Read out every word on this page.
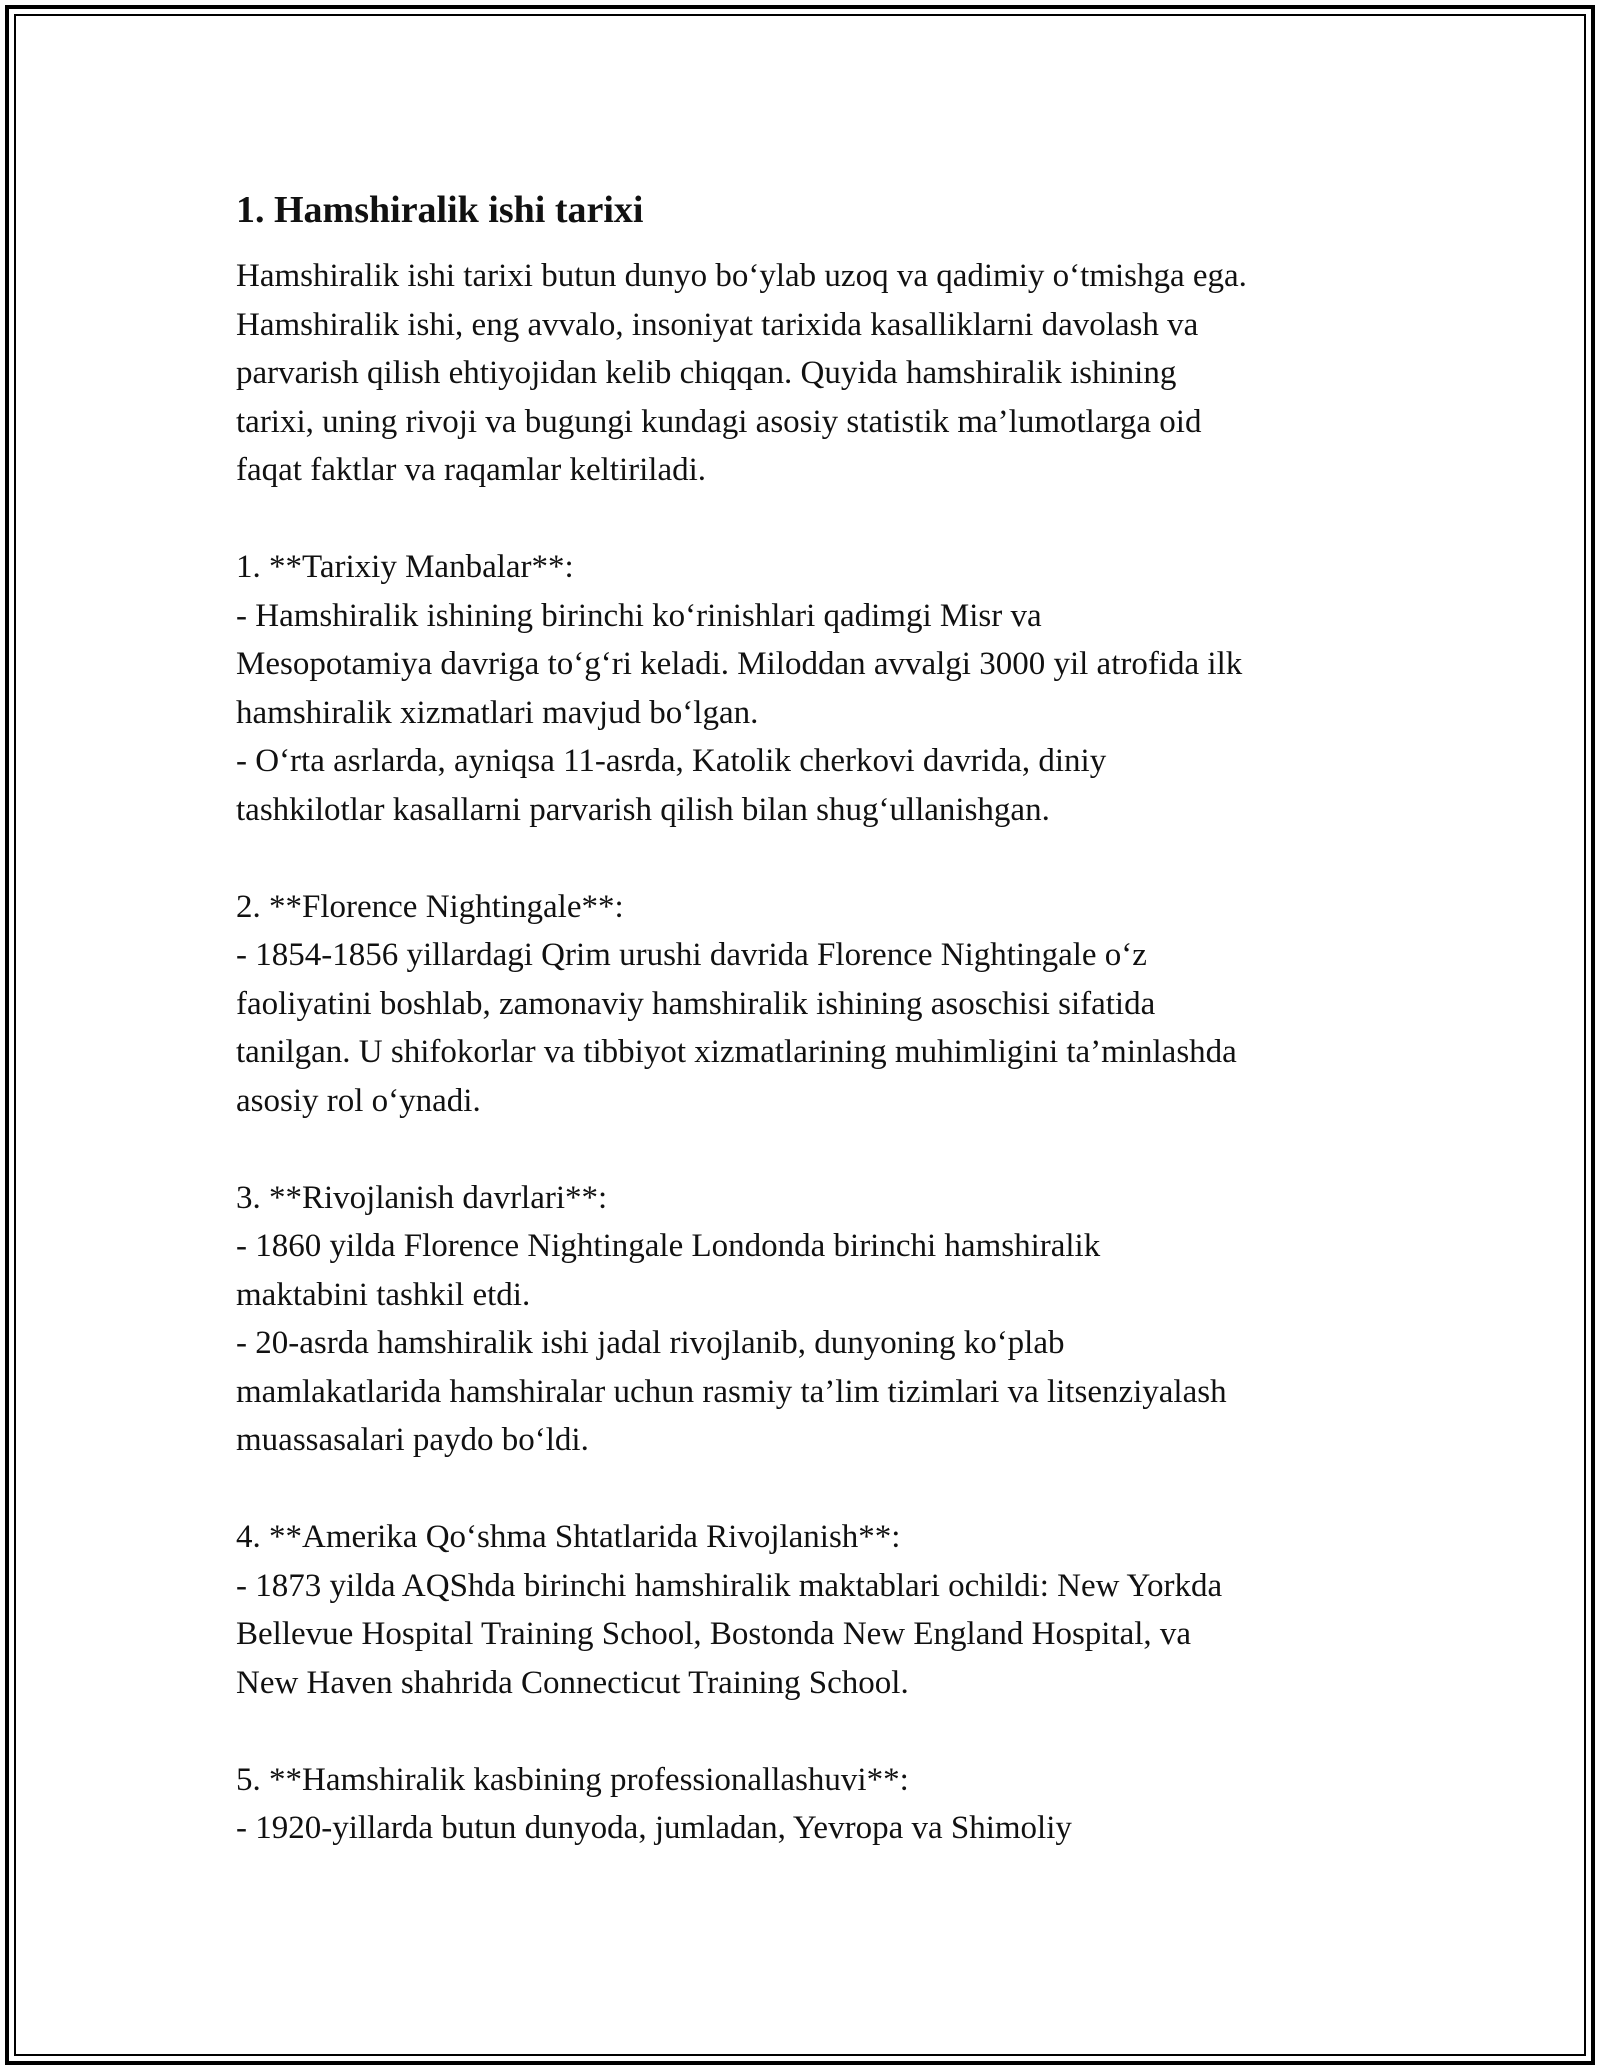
1. Hamshiralik ishi tarixi

Hamshiralik ishi tarixi butun dunyo bo‘ylab uzoq va qadimiy o‘tmishga ega.
Hamshiralik ishi, eng avvalo, insoniyat tarixida kasalliklarni davolash va
parvarish qilish ehtiyojidan kelib chiqqan. Quyida hamshiralik ishining
tarixi, uning rivoji va bugungi kundagi asosiy statistik ma’lumotlarga oid
faqat faktlar va raqamlar keltiriladi.

1. **Tarixiy Manbalar**:

- Hamshiralik ishining birinchi ko‘rinishlari qadimgi Misr va
Mesopotamiya davriga to‘g‘ri keladi. Miloddan avvalgi 3000 yil atrofida ilk
hamshiralik xizmatlari mavjud bo‘lgan.

- O‘rta asrlarda, ayniqsa 11-asrda, Katolik cherkovi davrida, diniy
tashkilotlar kasallarni parvarish qilish bilan shug‘ullanishgan.

2. **Florence Nightingale**:

- 1854-1856 yillardagi Qrim urushi davrida Florence Nightingale o‘z
faoliyatini boshlab, zamonaviy hamshiralik ishining asoschisi sifatida
tanilgan. U shifokorlar va tibbiyot xizmatlarining muhimligini ta’minlashda
asosiy rol o‘ynadi.

3. **Rivojlanish davrlari**:

- 1860 yilda Florence Nightingale Londonda birinchi hamshiralik
maktabini tashkil etdi.

- 20-asrda hamshiralik ishi jadal rivojlanib, dunyoning ko‘plab
mamlakatlarida hamshiralar uchun rasmiy ta’lim tizimlari va litsenziyalash
muassasalari paydo bo‘ldi.

4. **Amerika Qo‘shma Shtatlarida Rivojlanish**:

- 1873 yilda AQShda birinchi hamshiralik maktablari ochildi: New Yorkda
Bellevue Hospital Training School, Bostonda New England Hospital, va
New Haven shahrida Connecticut Training School.

5. **Hamshiralik kasbining professionallashuvi**:

- 1920-yillarda butun dunyoda, jumladan, Yevropa va Shimoliy
